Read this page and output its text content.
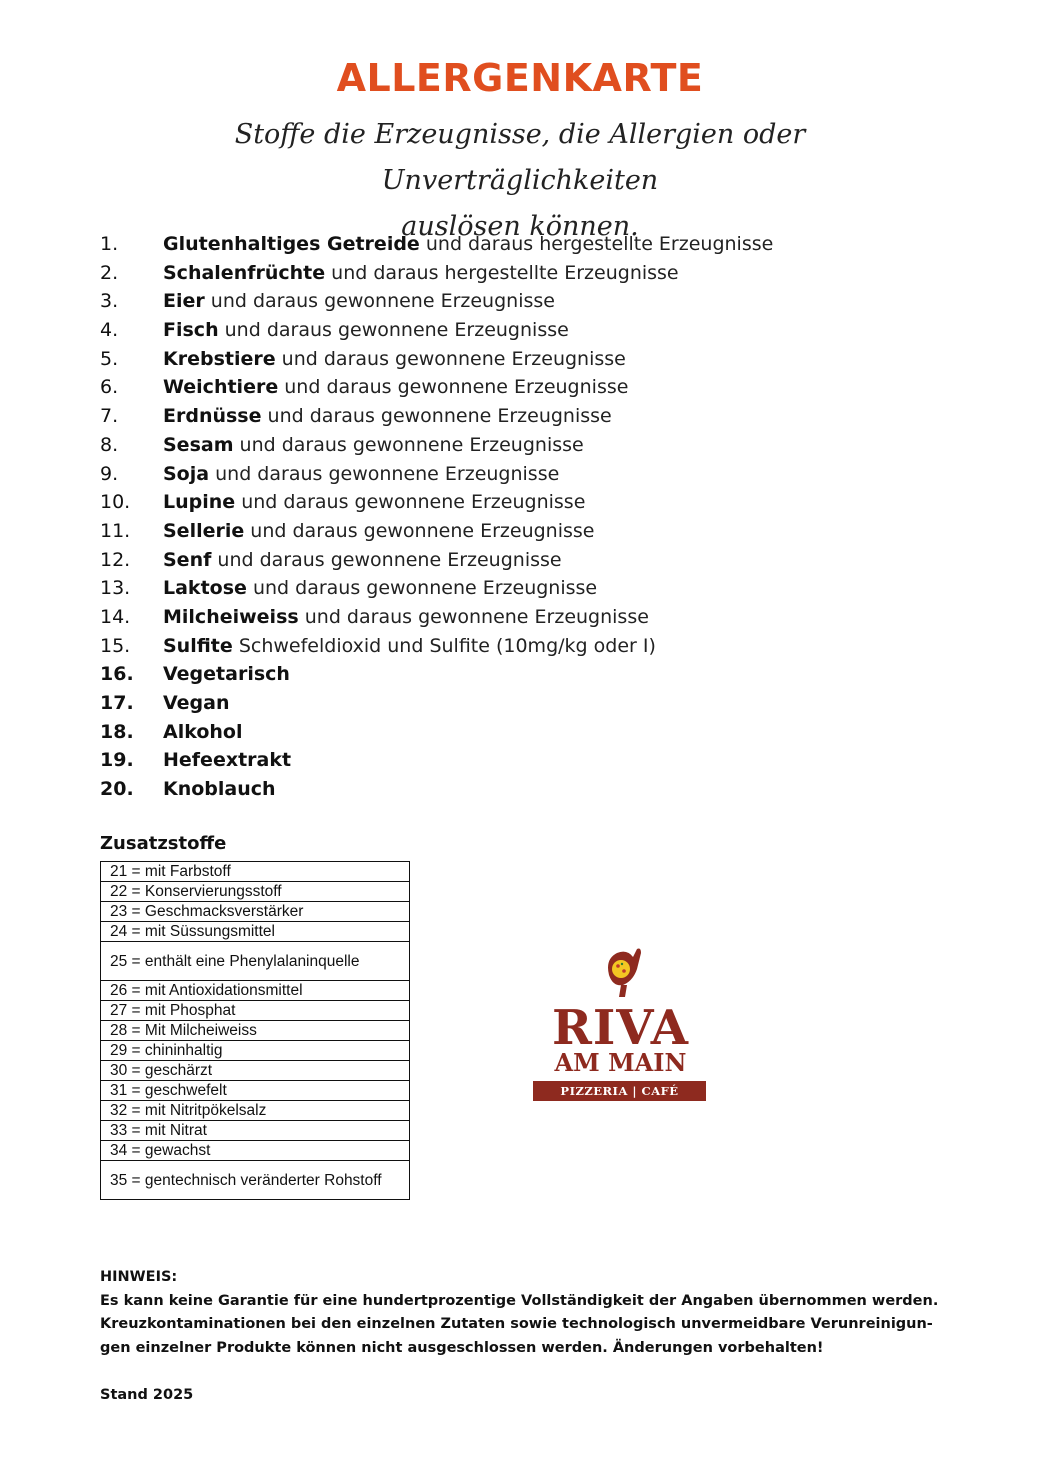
ALLERGENKARTE
Stoffe die Erzeugnisse, die Allergien oder Unverträglichkeiten
auslösen können.
1. Glutenhaltiges Getreide und daraus hergestellte Erzeugnisse
2. Schalenfrüchte und daraus hergestellte Erzeugnisse
3. Eier und daraus gewonnene Erzeugnisse
4. Fisch und daraus gewonnene Erzeugnisse
5. Krebstiere und daraus gewonnene Erzeugnisse
6. Weichtiere und daraus gewonnene Erzeugnisse
7. Erdnüsse und daraus gewonnene Erzeugnisse
8. Sesam und daraus gewonnene Erzeugnisse
9. Soja und daraus gewonnene Erzeugnisse
10. Lupine und daraus gewonnene Erzeugnisse
11. Sellerie und daraus gewonnene Erzeugnisse
12. Senf und daraus gewonnene Erzeugnisse
13. Laktose und daraus gewonnene Erzeugnisse
14. Milcheiweiss und daraus gewonnene Erzeugnisse
15. Sulfite Schwefeldioxid und Sulfite (10mg/kg oder I)
16. Vegetarisch
17. Vegan
18. Alkohol
19. Hefeextrakt
20. Knoblauch
Zusatzstoffe
21 = mit Farbstoff
22 = Konservierungsstoff
23 = Geschmacksverstärker
24 = mit Süssungsmittel
25 = enthält eine Phenylalaninquelle
26 = mit Antioxidationsmittel
27 = mit Phosphat
28 = Mit Milcheiweiss
29 = chininhaltig
30 = geschärzt
31 = geschwefelt
32 = mit Nitritpökelsalz
33 = mit Nitrat
34 = gewachst
35 = gentechnisch veränderter Rohstoff
RIVA
AM MAIN
PIZZERIA | CAFÉ
HINWEIS:
Es kann keine Garantie für eine hundertprozentige Vollständigkeit der Angaben übernommen werden.
Kreuzkontaminationen bei den einzelnen Zutaten sowie technologisch unvermeidbare Verunreinigun-
gen einzelner Produkte können nicht ausgeschlossen werden. Änderungen vorbehalten!
Stand 2025
